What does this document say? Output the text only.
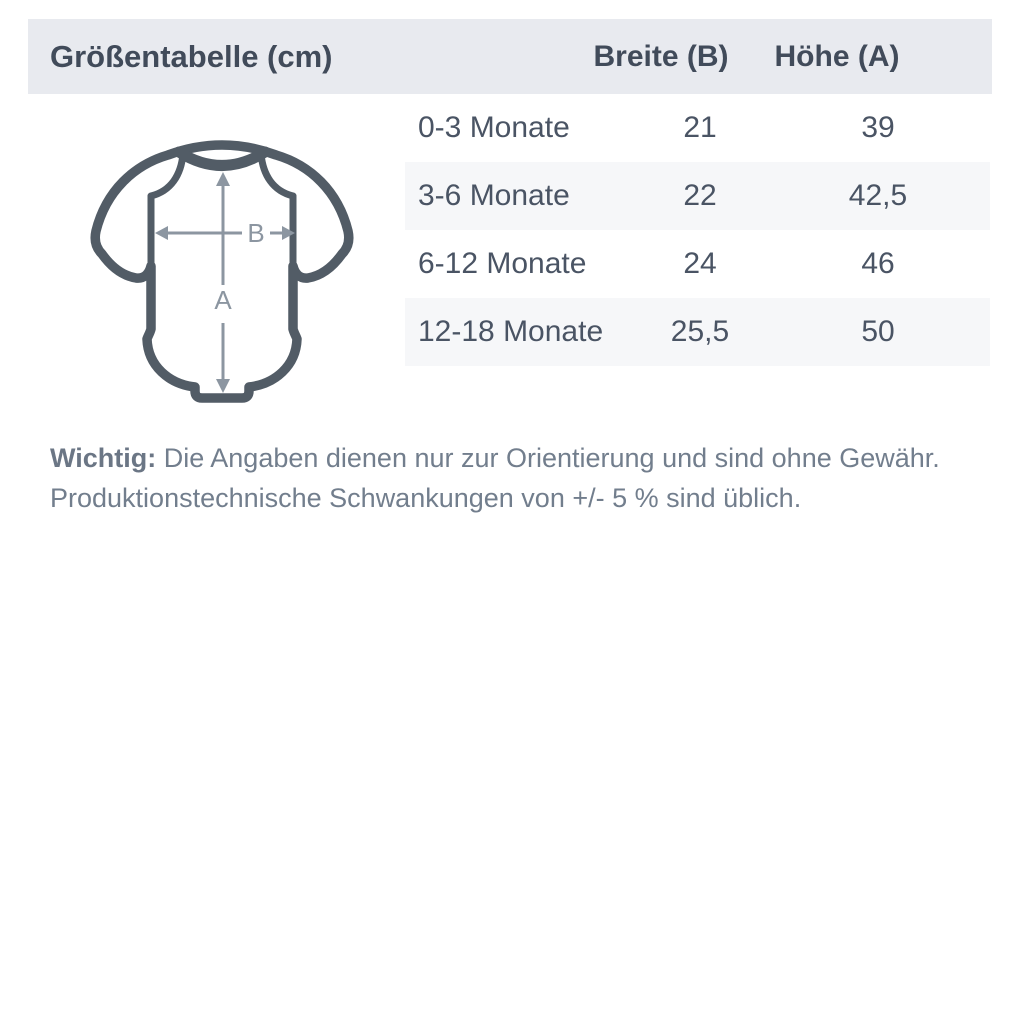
Größentabelle (cm)	Breite (B)	Höhe (A)
0-3 Monate	21	39
3-6 Monate	22	42,5
6-12 Monate	24	46
12-18 Monate	25,5	50
A
B
Wichtig: Die Angaben dienen nur zur Orientierung und sind ohne Gewähr.
Produktionstechnische Schwankungen von +/- 5 % sind üblich.
